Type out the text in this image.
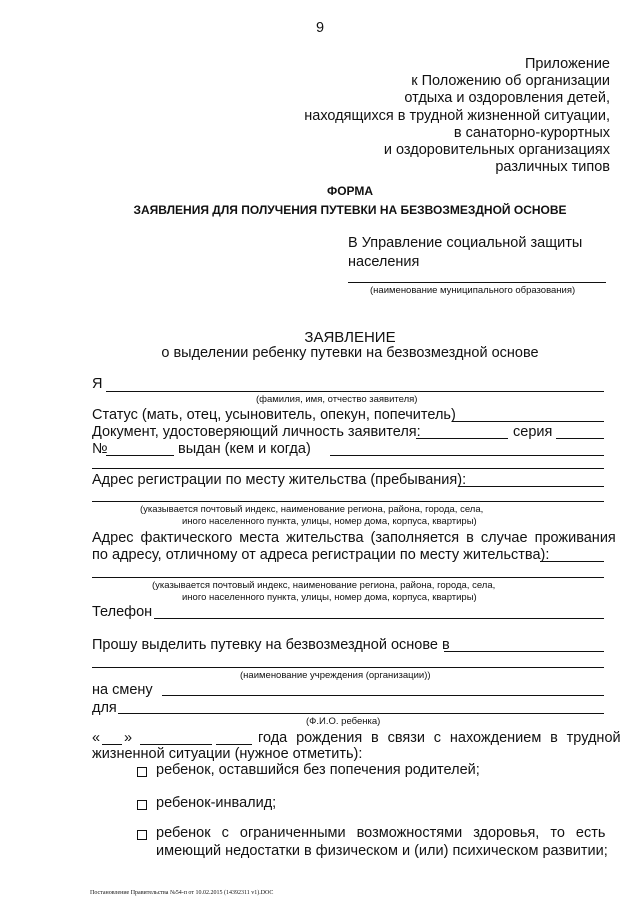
9
Приложение
к Положению об организации
отдыха и оздоровления детей,
находящихся в трудной жизненной ситуации,
в санаторно-курортных
и оздоровительных организациях
различных типов
ФОРМА
ЗАЯВЛЕНИЯ ДЛЯ ПОЛУЧЕНИЯ ПУТЕВКИ НА БЕЗВОЗМЕЗДНОЙ ОСНОВЕ
В Управление социальной защиты
населения
(наименование муниципального образования)
ЗАЯВЛЕНИЕ
о выделении ребенку путевки на безвозмездной основе
Я
(фамилия, имя, отчество заявителя)
Статус (мать, отец, усыновитель, опекун, попечитель)
Документ, удостоверяющий личность заявителя:	серия
№	выдан (кем и когда)
Адрес регистрации по месту жительства (пребывания):
(указывается почтовый индекс, наименование региона, района, города, села,
иного населенного пункта, улицы, номер дома, корпуса, квартиры)
Адрес фактического места жительства (заполняется в случае проживания
по адресу, отличному от адреса регистрации по месту жительства):
(указывается почтовый индекс, наименование региона, района, города, села,
иного населенного пункта, улицы, номер дома, корпуса, квартиры)
Телефон
Прошу выделить путевку на безвозмездной основе в
(наименование учреждения (организации))
на смену
для
(Ф.И.О. ребенка)
« »	года рождения в связи с нахождением в трудной
жизненной ситуации (нужное отметить):
ребенок, оставшийся без попечения родителей;
ребенок-инвалид;
ребенок с ограниченными возможностями здоровья, то есть
имеющий недостатки в физическом и (или) психическом развитии;
Постановление Правительства №54-п от 10.02.2015 (14392311 v1).DOC
